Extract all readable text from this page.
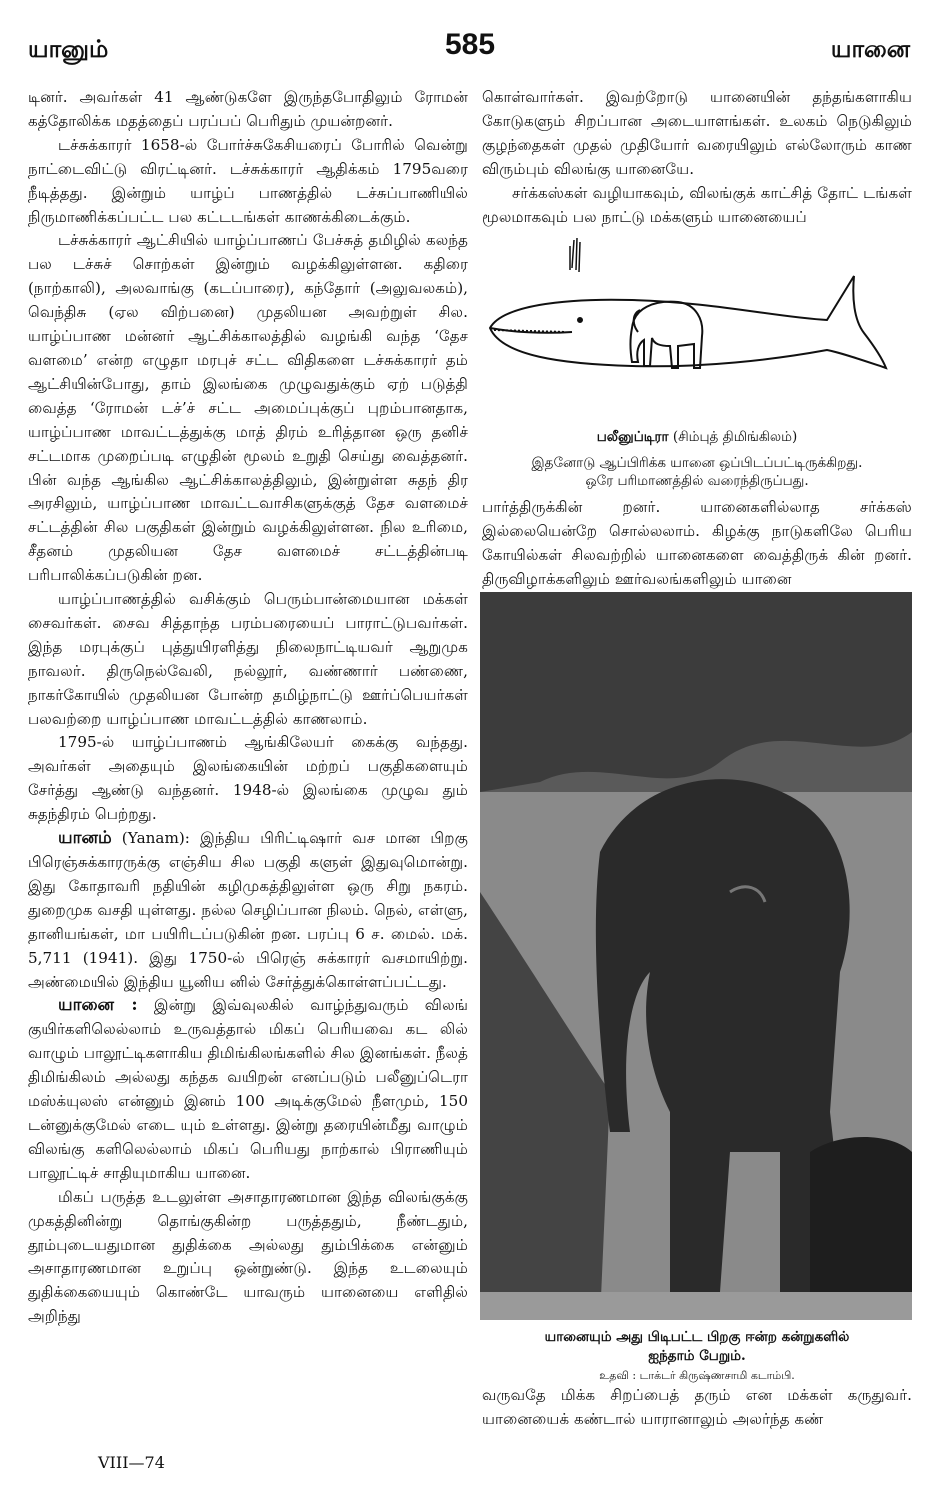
யானும்	585	யானை

டினர். அவர்கள் 41 ஆண்டுகளே இருந்தபோதிலும் ரோமன் கத்தோலிக்க மதத்தைப் பரப்பப் பெரிதும் முயன்றனர்.

டச்சுக்காரர் 1658-ல் போர்ச்சுகேசியரைப் போரில் வென்று நாட்டைவிட்டு விரட்டினர். டச்சுக்காரர் ஆதிக்கம் 1795வரை நீடித்தது. இன்றும் யாழ்ப் பாணத்தில் டச்சுப்பாணியில் நிருமாணிக்கப்பட்ட பல கட்டடங்கள் காணக்கிடைக்கும்.

டச்சுக்காரர் ஆட்சியில் யாழ்ப்பாணப் பேச்சுத் தமிழில் கலந்த பல டச்சுச் சொற்கள் இன்றும் வழக்கிலுள்ளன. கதிரை (நாற்காலி), அலவாங்கு (கடப்பாரை), கந்தோர் (அலுவலகம்), வெந்திசு (ஏல விற்பனை) முதலியன அவற்றுள் சில. யாழ்ப்பாண மன்னர் ஆட்சிக்காலத்தில் வழங்கி வந்த ‘தேச வளமை’ என்ற எழுதா மரபுச் சட்ட விதிகளை டச்சுக்காரர் தம் ஆட்சியின்போது, தாம் இலங்கை முழுவதுக்கும் ஏற் படுத்தி வைத்த ‘ரோமன் டச்’ச் சட்ட அமைப்புக்குப் புறம்பானதாக, யாழ்ப்பாண மாவட்டத்துக்கு மாத் திரம் உரித்தான ஒரு தனிச் சட்டமாக முறைப்படி எழுதின் மூலம் உறுதி செய்து வைத்தனர். பின் வந்த ஆங்கில ஆட்சிக்காலத்திலும், இன்றுள்ள சுதந் திர அரசிலும், யாழ்ப்பாண மாவட்டவாசிகளுக்குத் தேச வளமைச் சட்டத்தின் சில பகுதிகள் இன்றும் வழக்கிலுள்ளன. நில உரிமை, சீதனம் முதலியன தேச வளமைச் சட்டத்தின்படி பரிபாலிக்கப்படுகின் றன.

யாழ்ப்பாணத்தில் வசிக்கும் பெரும்பான்மையான மக்கள் சைவர்கள். சைவ சித்தாந்த பரம்பரையைப் பாராட்டுபவர்கள். இந்த மரபுக்குப் புத்துயிரளித்து நிலைநாட்டியவர் ஆறுமுக நாவலர். திருநெல்வேலி, நல்லூர், வண்ணார் பண்ணை, நாகர்கோயில் முதலியன போன்ற தமிழ்நாட்டு ஊர்ப்பெயர்கள் பலவற்றை யாழ்ப்பாண மாவட்டத்தில் காணலாம்.

1795-ல் யாழ்ப்பாணம் ஆங்கிலேயர் கைக்கு வந்தது. அவர்கள் அதையும் இலங்கையின் மற்றப் பகுதிகளையும் சேர்த்து ஆண்டு வந்தனர். 1948-ல் இலங்கை முழுவ தும் சுதந்திரம் பெற்றது.

யானம் (Yanam): இந்திய பிரிட்டிஷார் வச மான பிறகு பிரெஞ்சுக்காரருக்கு எஞ்சிய சில பகுதி களுள் இதுவுமொன்று. இது கோதாவரி நதியின் கழிமுகத்திலுள்ள ஒரு சிறு நகரம். துறைமுக வசதி யுள்ளது. நல்ல செழிப்பான நிலம். நெல், எள்ளு, தானியங்கள், மா பயிரிடப்படுகின் றன. பரப்பு 6 ச. மைல். மக். 5,711 (1941). இது 1750-ல் பிரெஞ் சுக்காரர் வசமாயிற்று. அண்மையில் இந்திய யூனிய னில் சேர்த்துக்கொள்ளப்பட்டது.

யானை : இன்று இவ்வுலகில் வாழ்ந்துவரும் விலங் குயிர்களிலெல்லாம் உருவத்தால் மிகப் பெரியவை கட லில் வாழும் பாலூட்டிகளாகிய திமிங்கிலங்களில் சில இனங்கள். நீலத் திமிங்கிலம் அல்லது கந்தக வயிறன் எனப்படும் பலீனுப்டெரா மஸ்க்யுலஸ் என்னும் இனம் 100 அடிக்குமேல் நீளமும், 150 டன்னுக்குமேல் எடை யும் உள்ளது. இன்று தரையின்மீது வாழும் விலங்கு களிலெல்லாம் மிகப் பெரியது நாற்கால் பிராணியும் பாலூட்டிச் சாதியுமாகிய யானை.

மிகப் பருத்த உடலுள்ள அசாதாரணமான இந்த விலங்குக்கு முகத்தினின்று தொங்குகின்ற பருத்ததும், நீண்டதும், தூம்புடையதுமான துதிக்கை அல்லது தும்பிக்கை என்னும் அசாதாரணமான உறுப்பு ஒன்றுண்டு. இந்த உடலையும் துதிக்கையையும் கொண்டே யாவரும் யானையை எளிதில் அறிந்து

கொள்வார்கள். இவற்றோடு யானையின் தந்தங்களாகிய கோடுகளும் சிறப்பான அடையாளங்கள். உலகம் நெடுகிலும் குழந்தைகள் முதல் முதியோர் வரையிலும் எல்லோரும் காண விரும்பும் விலங்கு யானையே.

சர்க்கஸ்கள் வழியாகவும், விலங்குக் காட்சித் தோட் டங்கள் மூலமாகவும் பல நாட்டு மக்களும் யானையைப்

பலீனுப்டிரா (சிம்புத் திமிங்கிலம்)
இதனோடு ஆப்பிரிக்க யானை ஒப்பிடப்பட்டிருக்கிறது.
ஒரே பரிமாணத்தில் வரைந்திருப்பது.

பார்த்திருக்கின் றனர். யானைகளில்லாத சர்க்கஸ் இல்லையென்றே சொல்லலாம். கிழக்கு நாடுகளிலே பெரிய கோயில்கள் சிலவற்றில் யானைகளை வைத்திருக் கின் றனர். திருவிழாக்களிலும் ஊர்வலங்களிலும் யானை

யானையும் அது பிடிபட்ட பிறகு ஈன்ற கன்றுகளில்
ஐந்தாம் பேறும்.
உதவி : டாக்டர் கிருஷ்ணசாமி கடாம்பி.

வருவதே மிக்க சிறப்பைத் தரும் என மக்கள் கருதுவர். யானையைக் கண்டால் யாரானாலும் அலர்ந்த கண்

VIII—74
